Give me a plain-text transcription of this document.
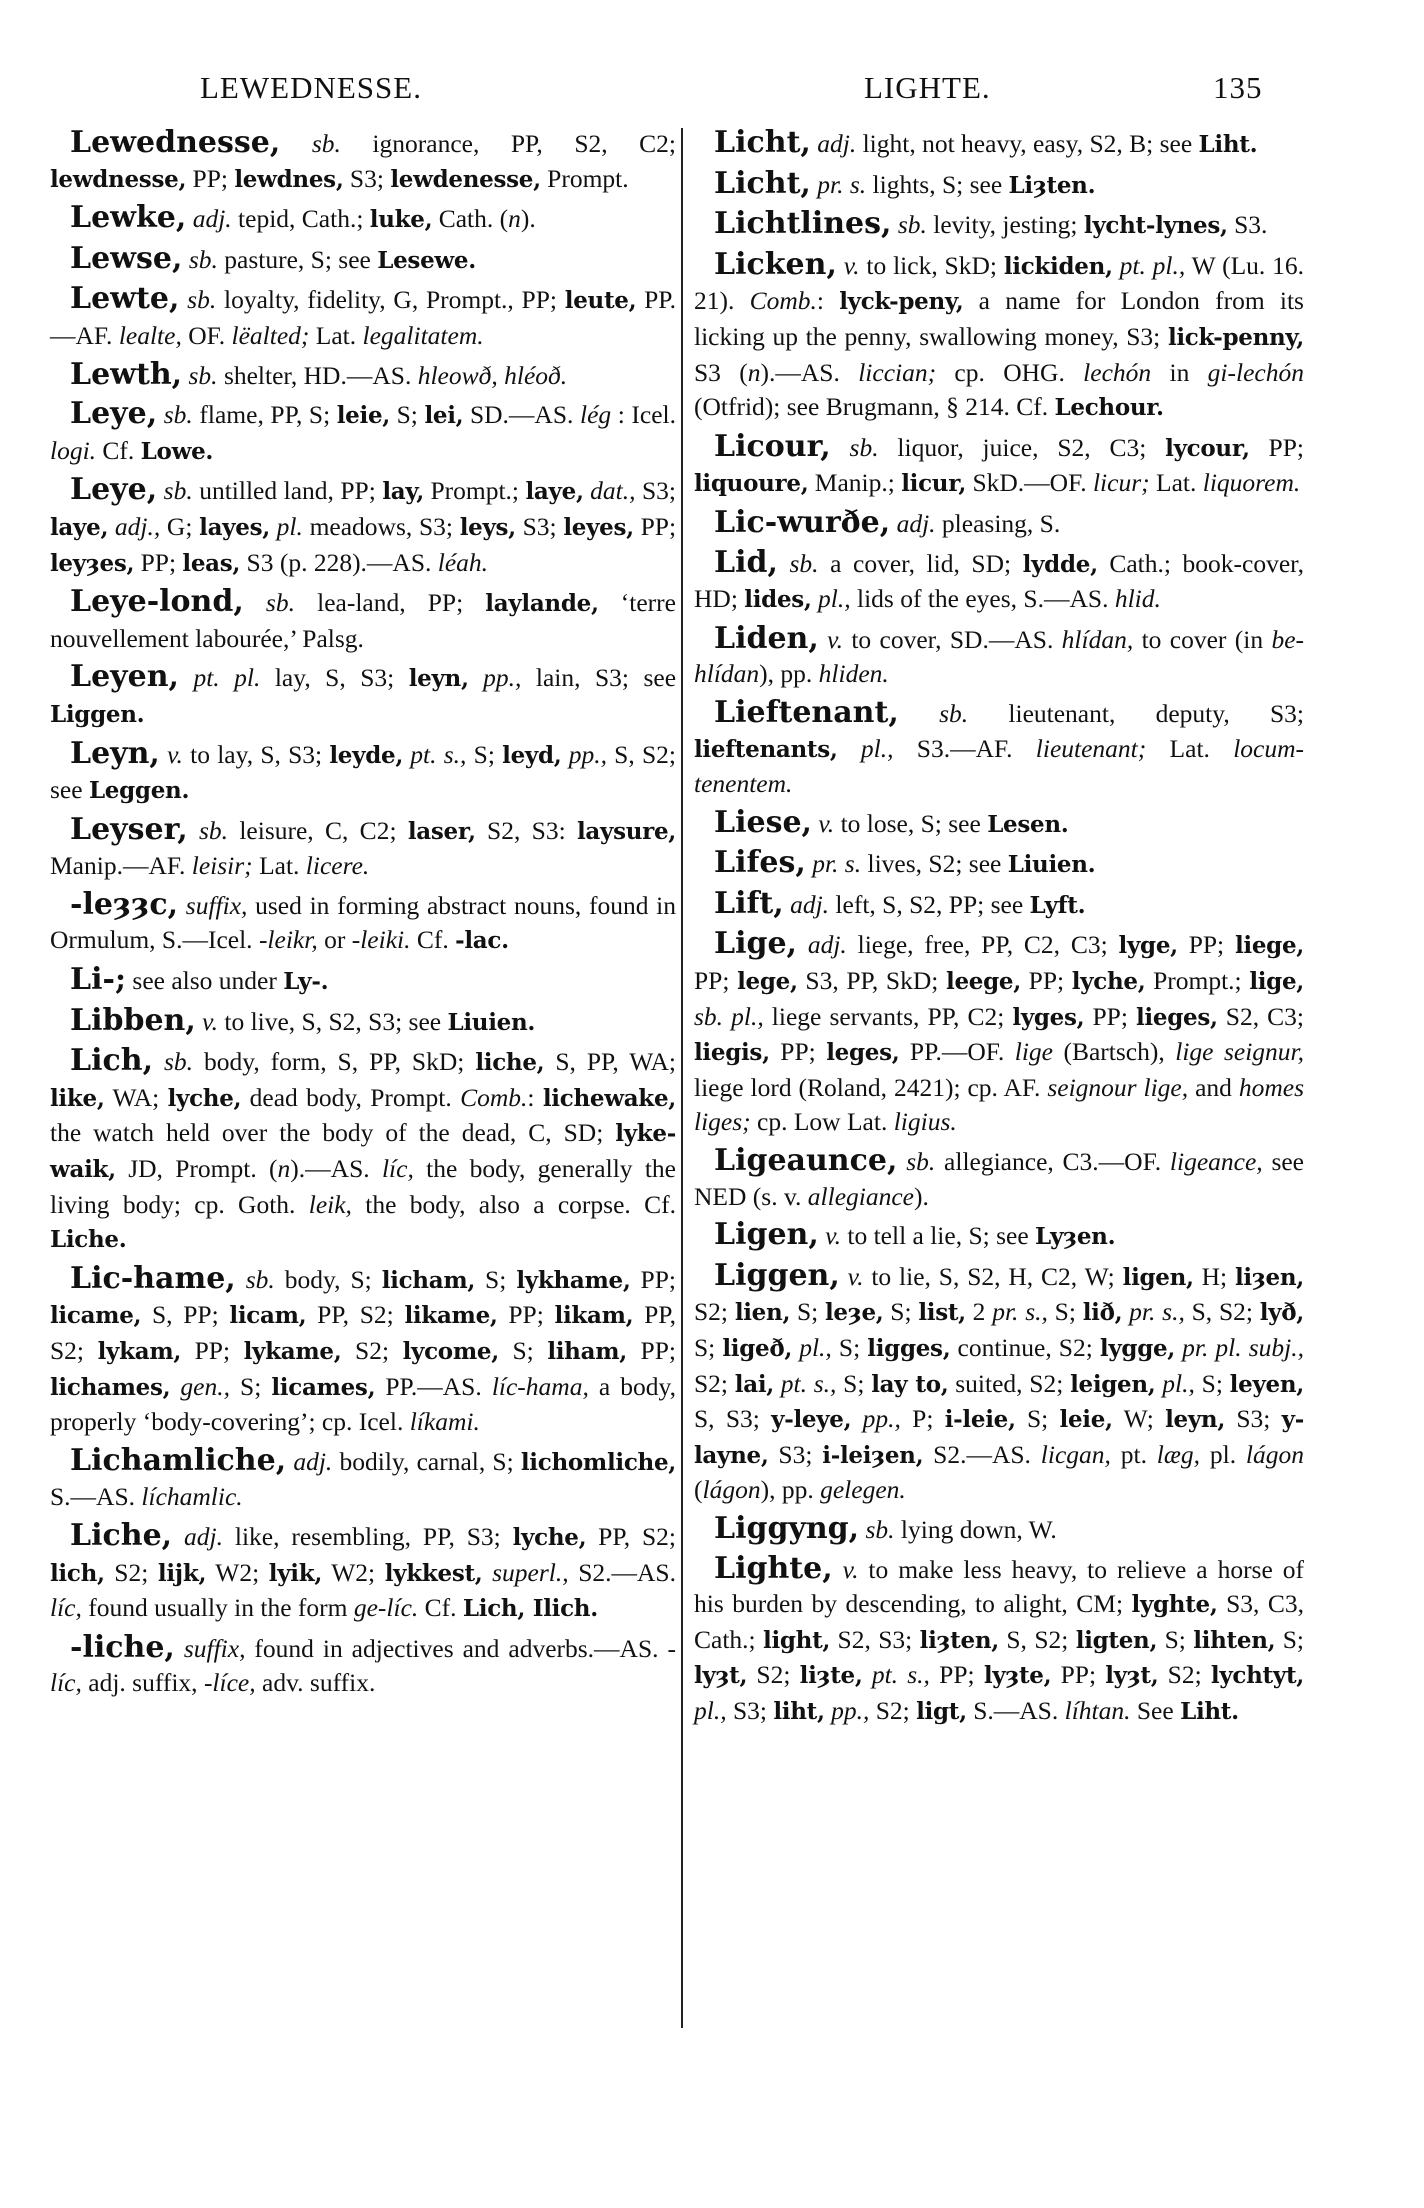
LEWEDNESSE.	LIGHTE.	135

Lewednesse, sb. ignorance, PP, S2, C2; lewdnesse, PP; lewdnes, S3; lewdenesse, Prompt.

Lewke, adj. tepid, Cath.; luke, Cath. (n).

Lewse, sb. pasture, S; see Lesewe.

Lewte, sb. loyalty, fidelity, G, Prompt., PP; leute, PP.—AF. lealte, OF. lëalted; Lat. legalitatem.

Lewth, sb. shelter, HD.—AS. hleowð, hléoð.

Leye, sb. flame, PP, S; leie, S; lei, SD.—AS. lég : Icel. logi. Cf. Lowe.

Leye, sb. untilled land, PP; lay, Prompt.; laye, dat., S3; laye, adj., G; layes, pl. meadows, S3; leys, S3; leyes, PP; leyȝes, PP; leas, S3 (p. 228).—AS. léah.

Leye-lond, sb. lea-land, PP; laylande, ‘terre nouvellement labourée,’ Palsg.

Leyen, pt. pl. lay, S, S3; leyn, pp., lain, S3; see Liggen.

Leyn, v. to lay, S, S3; leyde, pt. s., S; leyd, pp., S, S2; see Leggen.

Leyser, sb. leisure, C, C2; laser, S2, S3: laysure, Manip.—AF. leisir; Lat. licere.

-leȝȝc, suffix, used in forming abstract nouns, found in Ormulum, S.—Icel. -leikr, or -leiki. Cf. -lac.

Li-; see also under Ly-.

Libben, v. to live, S, S2, S3; see Liuien.

Lich, sb. body, form, S, PP, SkD; liche, S, PP, WA; like, WA; lyche, dead body, Prompt. Comb.: lichewake, the watch held over the body of the dead, C, SD; lyke-waik, JD, Prompt. (n).—AS. líc, the body, generally the living body; cp. Goth. leik, the body, also a corpse. Cf. Liche.

Lic-hame, sb. body, S; licham, S; lykhame, PP; licame, S, PP; licam, PP, S2; likame, PP; likam, PP, S2; lykam, PP; lykame, S2; lycome, S; liham, PP; lichames, gen., S; licames, PP.—AS. líc-hama, a body, properly ‘body-covering’; cp. Icel. líkami.

Lichamliche, adj. bodily, carnal, S; lichomliche, S.—AS. líchamlic.

Liche, adj. like, resembling, PP, S3; lyche, PP, S2; lich, S2; lijk, W2; lyik, W2; lykkest, superl., S2.—AS. líc, found usually in the form ge-líc. Cf. Lich, Ilich.

-liche, suffix, found in adjectives and adverbs.—AS. -líc, adj. suffix, -líce, adv. suffix.

Licht, adj. light, not heavy, easy, S2, B; see Liht.

Licht, pr. s. lights, S; see Liȝten.

Lichtlines, sb. levity, jesting; lycht-lynes, S3.

Licken, v. to lick, SkD; lickiden, pt. pl., W (Lu. 16. 21). Comb.: lyck-peny, a name for London from its licking up the penny, swallowing money, S3; lick-penny, S3 (n).—AS. liccian; cp. OHG. lechón in gi-lechón (Otfrid); see Brugmann, § 214. Cf. Lechour.

Licour, sb. liquor, juice, S2, C3; lycour, PP; liquoure, Manip.; licur, SkD.—OF. licur; Lat. liquorem.

Lic-wurðe, adj. pleasing, S.

Lid, sb. a cover, lid, SD; lydde, Cath.; book-cover, HD; lides, pl., lids of the eyes, S.—AS. hlid.

Liden, v. to cover, SD.—AS. hlídan, to cover (in be-hlídan), pp. hliden.

Lieftenant, sb. lieutenant, deputy, S3; lieftenants, pl., S3.—AF. lieutenant; Lat. locum-tenentem.

Liese, v. to lose, S; see Lesen.

Lifes, pr. s. lives, S2; see Liuien.

Lift, adj. left, S, S2, PP; see Lyft.

Lige, adj. liege, free, PP, C2, C3; lyge, PP; liege, PP; lege, S3, PP, SkD; leege, PP; lyche, Prompt.; lige, sb. pl., liege servants, PP, C2; lyges, PP; lieges, S2, C3; liegis, PP; leges, PP.—OF. lige (Bartsch), lige seignur, liege lord (Roland, 2421); cp. AF. seignour lige, and homes liges; cp. Low Lat. ligius.

Ligeaunce, sb. allegiance, C3.—OF. ligeance, see NED (s. v. allegiance).

Ligen, v. to tell a lie, S; see Lyȝen.

Liggen, v. to lie, S, S2, H, C2, W; ligen, H; liȝen, S2; lien, S; leȝe, S; list, 2 pr. s., S; lið, pr. s., S, S2; lyð, S; ligeð, pl., S; ligges, continue, S2; lygge, pr. pl. subj., S2; lai, pt. s., S; lay to, suited, S2; leigen, pl., S; leyen, S, S3; y-leye, pp., P; i-leie, S; leie, W; leyn, S3; y-layne, S3; i-leiȝen, S2.—AS. licgan, pt. læg, pl. lágon (lágon), pp. gelegen.

Liggyng, sb. lying down, W.

Lighte, v. to make less heavy, to relieve a horse of his burden by descending, to alight, CM; lyghte, S3, C3, Cath.; light, S2, S3; liȝten, S, S2; ligten, S; lihten, S; lyȝt, S2; liȝte, pt. s., PP; lyȝte, PP; lyȝt, S2; lychtyt, pl., S3; liht, pp., S2; ligt, S.—AS. líhtan. See Liht.
